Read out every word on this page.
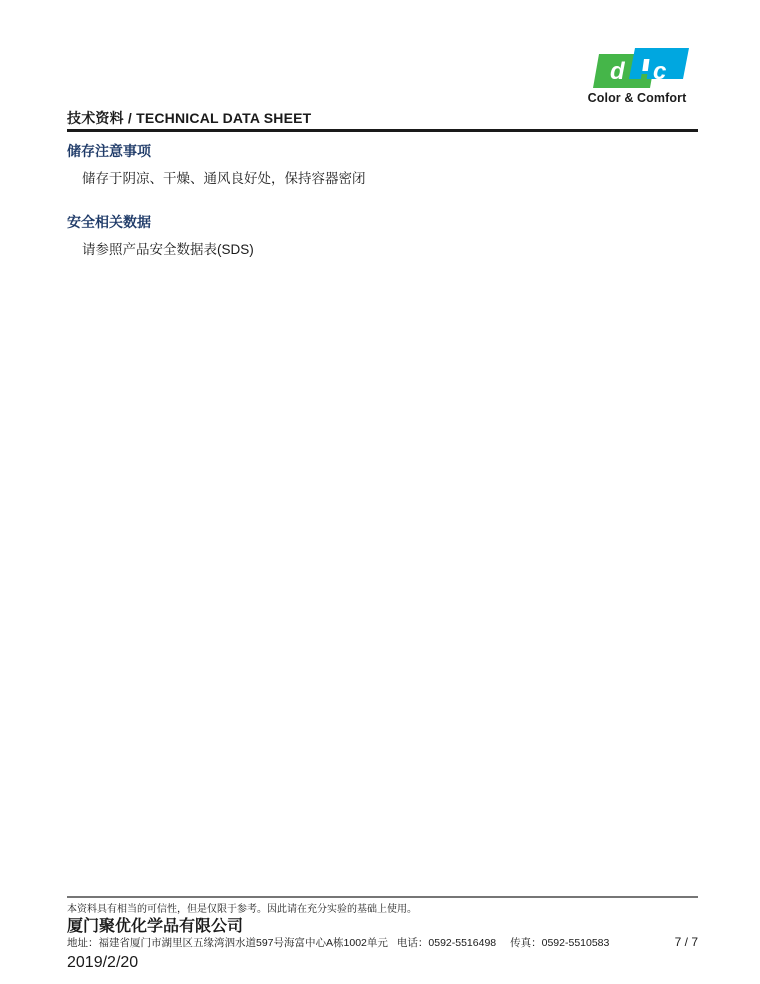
d c
Color & Comfort
技术资料 / TECHNICAL DATA SHEET
储存注意事项
储存于阴凉、干燥、通风良好处，保持容器密闭
安全相关数据
请参照产品安全数据表(SDS)
本资料具有相当的可信性，但是仅限于参考。因此请在充分实验的基础上使用。
厦门聚优化学品有限公司
地址：福建省厦门市湖里区五缘湾泗水道597号海富中心A栋1002单元 电话：0592-5516498 传真：0592-5510583	7 / 7
2019/2/20
